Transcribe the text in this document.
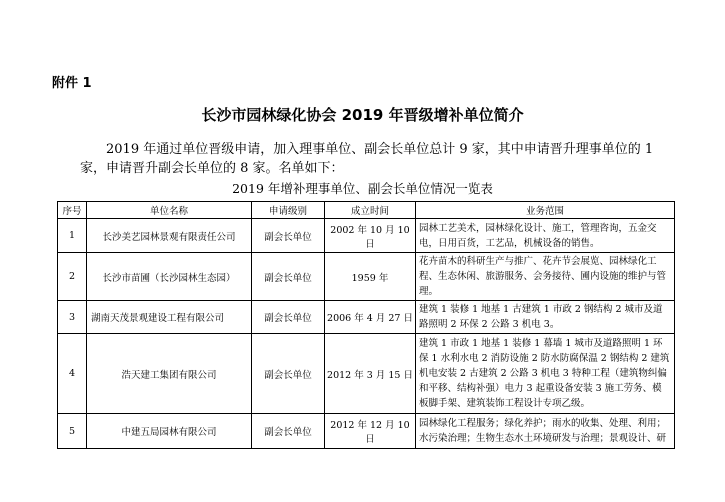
附件 1

长沙市园林绿化协会 2019 年晋级增补单位简介

2019 年通过单位晋级申请，加入理事单位、副会长单位总计 9 家，其中申请晋升理事单位的 1 家，申请晋升副会长单位的 8 家。名单如下：

2019 年增补理事单位、副会长单位情况一览表

序号	单位名称	申请级别	成立时间	业务范围
1	长沙美艺园林景观有限责任公司	副会长单位	2002 年 10 月 10 日	园林工艺美术，园林绿化设计、施工，管理咨询，五金交电，日用百货，工艺品，机械设备的销售。
2	长沙市苗圃（长沙园林生态园）	副会长单位	1959 年	花卉苗木的科研生产与推广、花卉节会展览、园林绿化工程、生态休闲、旅游服务、会务接待、圃内设施的维护与管理。
3	湖南天茂景观建设工程有限公司	副会长单位	2006 年 4 月 27 日	建筑 1 装修 1 地基 1 古建筑 1 市政 2 钢结构 2 城市及道路照明 2 环保 2 公路 3 机电 3。
4	浩天建工集团有限公司	副会长单位	2012 年 3 月 15 日	建筑 1 市政 1 地基 1 装修 1 幕墙 1 城市及道路照明 1 环保 1 水利水电 2 消防设施 2 防水防腐保温 2 钢结构 2 建筑机电安装 2 古建筑 2 公路 3 机电 3 特种工程（建筑物纠偏和平移、结构补强）电力 3 起重设备安装 3 施工劳务、模板脚手架、建筑装饰工程设计专项乙级。
5	中建五局园林有限公司	副会长单位	2012 年 12 月 10 日	园林绿化工程服务；绿化养护；雨水的收集、处理、利用；水污染治理；生物生态水土环境研发与治理；景观设计、研
